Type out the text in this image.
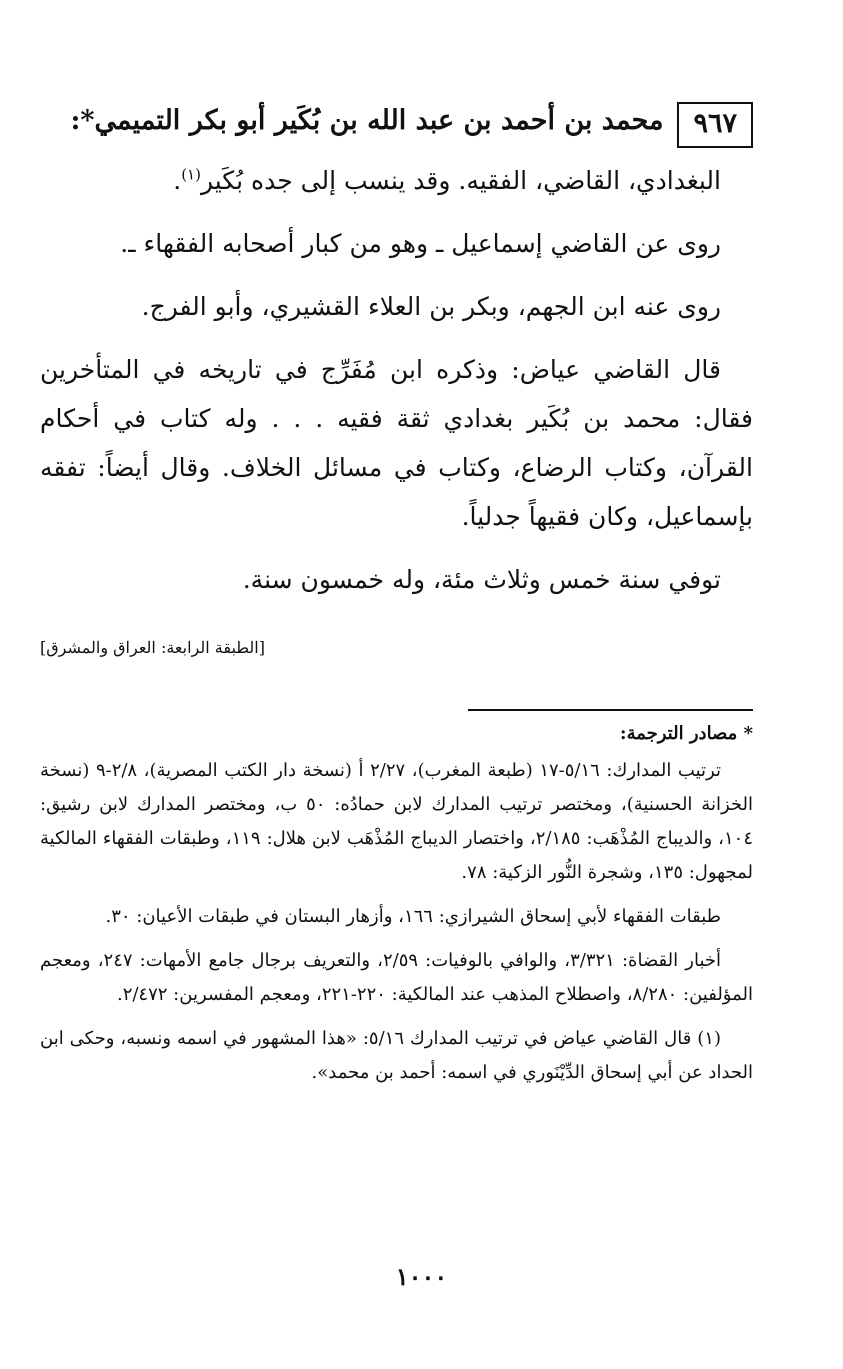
٩٦٧
محمد بن أحمد بن عبد الله بن بُكَير أبو بكر التميمي*:

البغدادي، القاضي، الفقيه. وقد ينسب إلى جده بُكَير$^{(١)}$.

روى عن القاضي إسماعيل ـ وهو من كبار أصحابه الفقهاء ـ.

روى عنه ابن الجهم، وبكر بن العلاء القشيري، وأبو الفرج.

قال القاضي عياض: وذكره ابن مُفَرِّج في تاريخه في المتأخرين فقال: محمد بن بُكَير بغدادي ثقة فقيه . . . وله كتاب في أحكام القرآن، وكتاب الرضاع، وكتاب في مسائل الخلاف. وقال أيضاً: تفقه بإسماعيل، وكان فقيهاً جدلياً.

توفي سنة خمس وثلاث مئة، وله خمسون سنة.

[الطبقة الرابعة: العراق والمشرق]
* مصادر الترجمة:

ترتيب المدارك: ٥/١٦-١٧ (طبعة المغرب)، ٢/٢٧ أ (نسخة دار الكتب المصرية)، ٢/٨-٩ (نسخة الخزانة الحسنية)، ومختصر ترتيب المدارك لابن حمادُه: ٥٠ ب، ومختصر المدارك لابن رشيق: ١٠٤، والديباج المُذْهَب: ٢/١٨٥، واختصار الديباج المُذْهَب لابن هلال: ١١٩، وطبقات الفقهاء المالكية لمجهول: ١٣٥، وشجرة النُّور الزكية: ٧٨.

طبقات الفقهاء لأبي إسحاق الشيرازي: ١٦٦، وأزهار البستان في طبقات الأعيان: ٣٠.

أخبار القضاة: ٣/٣٢١، والوافي بالوفيات: ٢/٥٩، والتعريف برجال جامع الأمهات: ٢٤٧، ومعجم المؤلفين: ٨/٢٨٠، واصطلاح المذهب عند المالكية: ٢٢٠-٢٢١، ومعجم المفسرين: ٢/٤٧٢.

(١) قال القاضي عياض في ترتيب المدارك ٥/١٦: «هذا المشهور في اسمه ونسبه، وحكى ابن الحداد عن أبي إسحاق الدِّيْنَوري في اسمه: أحمد بن محمد».

١٠٠٠
